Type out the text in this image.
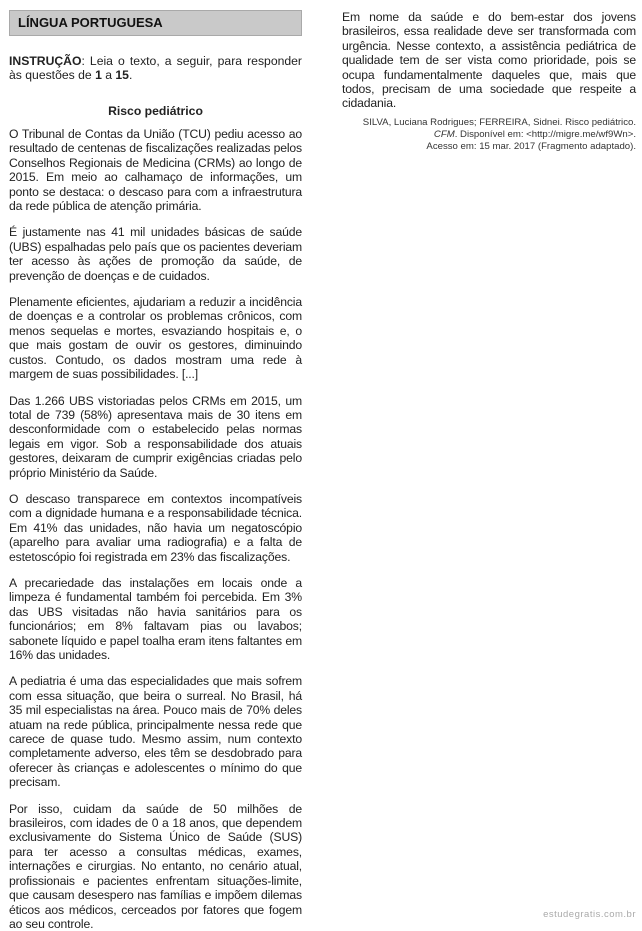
LÍNGUA PORTUGUESA
INSTRUÇÃO: Leia o texto, a seguir, para responder às questões de 1 a 15.
Risco pediátrico

O Tribunal de Contas da União (TCU) pediu acesso ao resultado de centenas de fiscalizações realizadas pelos Conselhos Regionais de Medicina (CRMs) ao longo de 2015. Em meio ao calhamaço de informações, um ponto se destaca: o descaso para com a infraestrutura da rede pública de atenção primária.

É justamente nas 41 mil unidades básicas de saúde (UBS) espalhadas pelo país que os pacientes deveriam ter acesso às ações de promoção da saúde, de prevenção de doenças e de cuidados.

Plenamente eficientes, ajudariam a reduzir a incidência de doenças e a controlar os problemas crônicos, com menos sequelas e mortes, esvaziando hospitais e, o que mais gostam de ouvir os gestores, diminuindo custos. Contudo, os dados mostram uma rede à margem de suas possibilidades. [...]

Das 1.266 UBS vistoriadas pelos CRMs em 2015, um total de 739 (58%) apresentava mais de 30 itens em desconformidade com o estabelecido pelas normas legais em vigor. Sob a responsabilidade dos atuais gestores, deixaram de cumprir exigências criadas pelo próprio Ministério da Saúde.

O descaso transparece em contextos incompatíveis com a dignidade humana e a responsabilidade técnica. Em 41% das unidades, não havia um negatoscópio (aparelho para avaliar uma radiografia) e a falta de estetoscópio foi registrada em 23% das fiscalizações.

A precariedade das instalações em locais onde a limpeza é fundamental também foi percebida. Em 3% das UBS visitadas não havia sanitários para os funcionários; em 8% faltavam pias ou lavabos; sabonete líquido e papel toalha eram itens faltantes em 16% das unidades.

A pediatria é uma das especialidades que mais sofrem com essa situação, que beira o surreal. No Brasil, há 35 mil especialistas na área. Pouco mais de 70% deles atuam na rede pública, principalmente nessa rede que carece de quase tudo. Mesmo assim, num contexto completamente adverso, eles têm se desdobrado para oferecer às crianças e adolescentes o mínimo do que precisam.

Por isso, cuidam da saúde de 50 milhões de brasileiros, com idades de 0 a 18 anos, que dependem exclusivamente do Sistema Único de Saúde (SUS) para ter acesso a consultas médicas, exames, internações e cirurgias. No entanto, no cenário atual, profissionais e pacientes enfrentam situações-limite, que causam desespero nas famílias e impõem dilemas éticos aos médicos, cerceados por fatores que fogem ao seu controle.

Em nome da saúde e do bem-estar dos jovens brasileiros, essa realidade deve ser transformada com urgência. Nesse contexto, a assistência pediátrica de qualidade tem de ser vista como prioridade, pois se ocupa fundamentalmente daqueles que, mais que todos, precisam de uma sociedade que respeite a cidadania.

SILVA, Luciana Rodrigues; FERREIRA, Sidnei. Risco pediátrico. CFM. Disponível em: <http://migre.me/wf9Wn>.
Acesso em: 15 mar. 2017 (Fragmento adaptado).
estudegratis.com.br
